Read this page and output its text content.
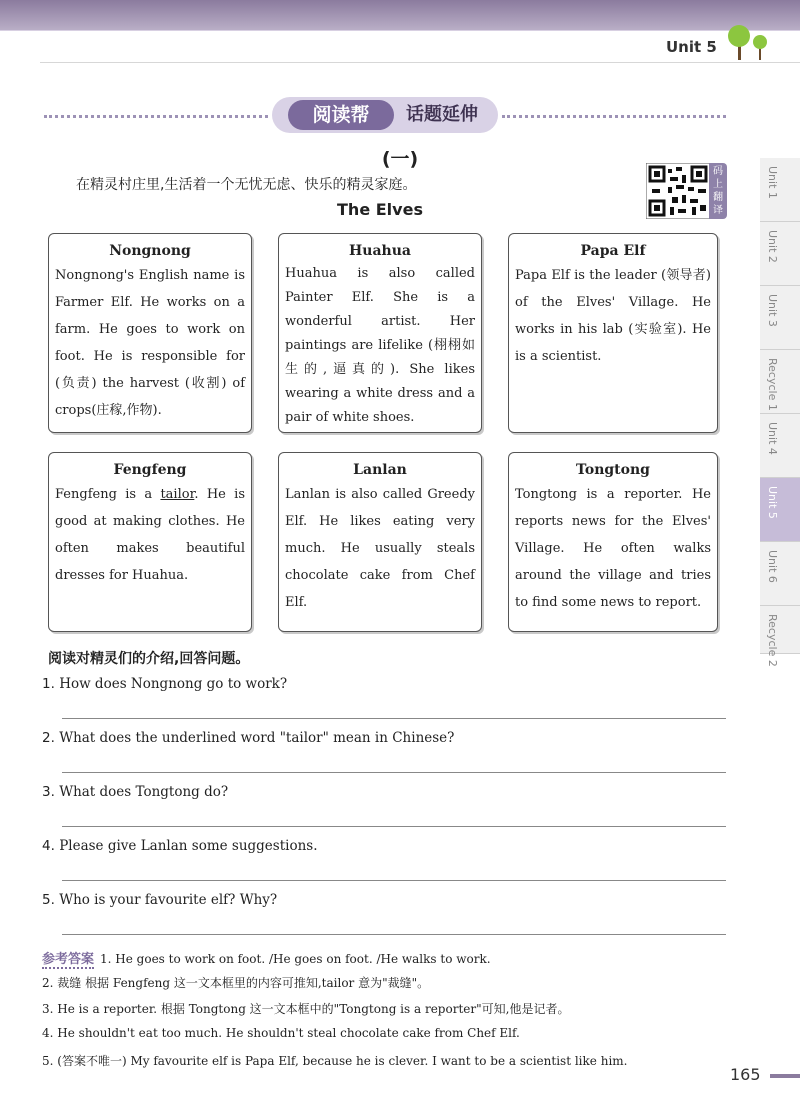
Unit 5
阅读帮	话题延伸
(一)
在精灵村庄里,生活着一个无忧无虑、快乐的精灵家庭。
The Elves
码上翻译
Nongnong
Nongnong's English name is Farmer Elf. He works on a farm. He goes to work on foot. He is responsible for (负责) the harvest (收割) of crops(庄稼,作物).
Huahua
Huahua is also called Painter Elf. She is a wonderful artist. Her paintings are lifelike (栩栩如生的,逼真的). She likes wearing a white dress and a pair of white shoes.
Papa Elf
Papa Elf is the leader (领导者) of the Elves' Village. He works in his lab (实验室). He is a scientist.
Fengfeng
Fengfeng is a tailor. He is good at making clothes. He often makes beautiful dresses for Huahua.
Lanlan
Lanlan is also called Greedy Elf. He likes eating very much. He usually steals chocolate cake from Chef Elf.
Tongtong
Tongtong is a reporter. He reports news for the Elves' Village. He often walks around the village and tries to find some news to report.
Unit 1
Unit 2
Unit 3
Recycle 1
Unit 4
Unit 5
Unit 6
Recycle 2
阅读对精灵们的介绍,回答问题。
1. How does Nongnong go to work?
2. What does the underlined word "tailor" mean in Chinese?
3. What does Tongtong do?
4. Please give Lanlan some suggestions.
5. Who is your favourite elf? Why?
参考答案 1. He goes to work on foot. /He goes on foot. /He walks to work.
2. 裁缝 根据 Fengfeng 这一文本框里的内容可推知,tailor 意为"裁缝"。
3. He is a reporter. 根据 Tongtong 这一文本框中的"Tongtong is a reporter"可知,他是记者。
4. He shouldn't eat too much. He shouldn't steal chocolate cake from Chef Elf.
5. (答案不唯一) My favourite elf is Papa Elf, because he is clever. I want to be a scientist like him.
165
